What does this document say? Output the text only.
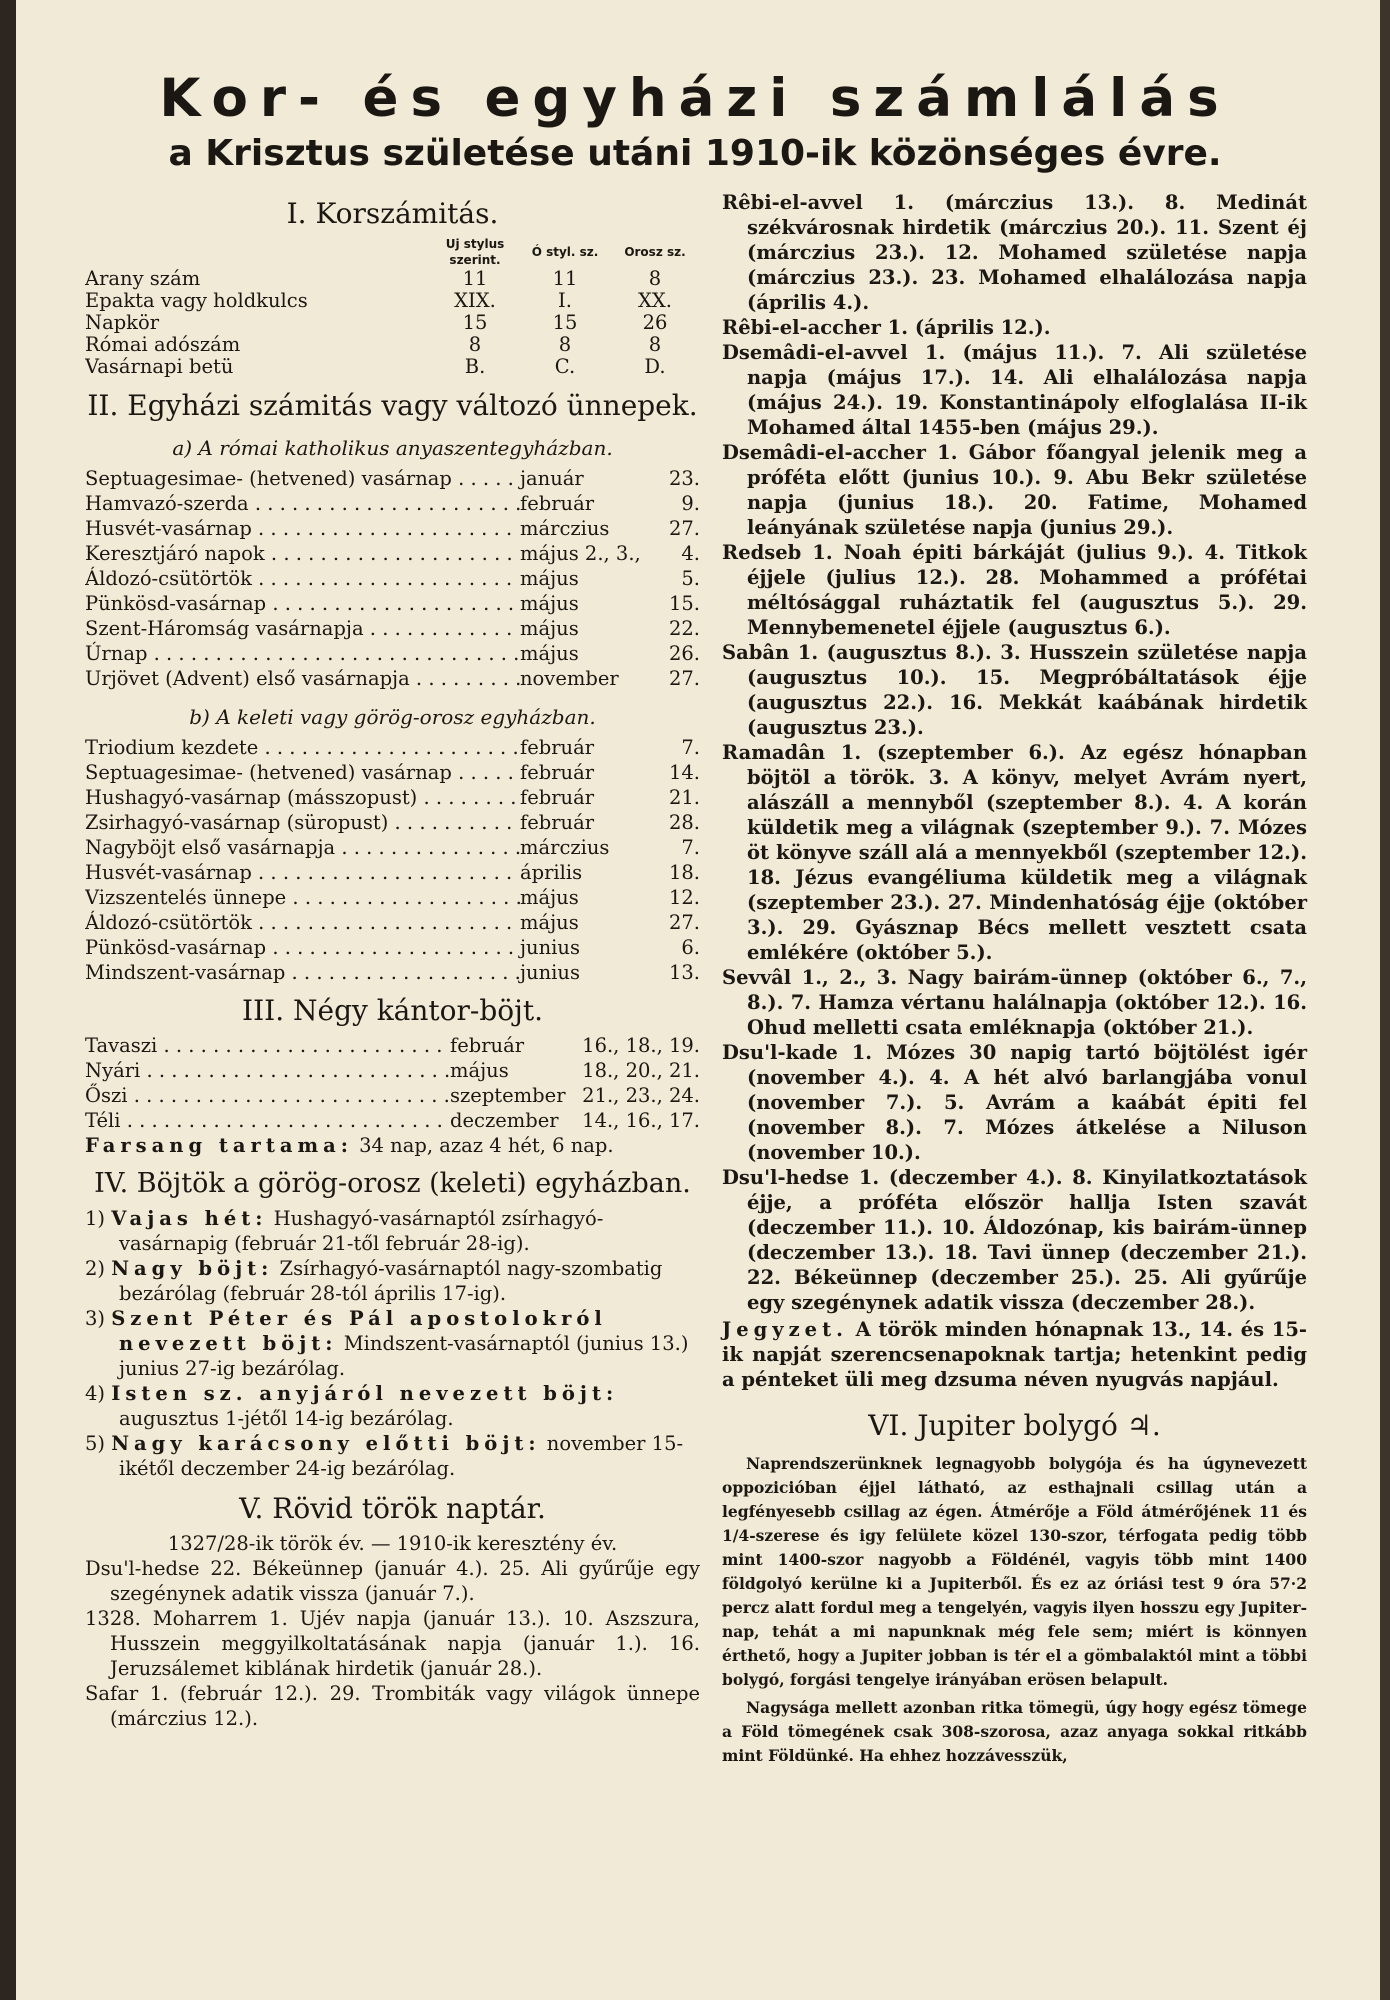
Kor- és egyházi számlálás
a Krisztus születése utáni 1910-ik közönséges évre.
I. Korszámitás.
	Uj stylus szerint.	Ó styl. sz.	Orosz sz.
Arany szám	11	11	8
Epakta vagy holdkulcs	XIX.	I.	XX.
Napkör	15	15	26
Római adószám	8	8	8
Vasárnapi betü	B.	C.	D.
II. Egyházi számitás vagy változó ünnepek.
a) A római katholikus anyaszentegyházban.
Septuagesimae- (hetvened) vasárnap . . .	január	23.
Hamvazó-szerda . . .	február	9.
Husvét-vasárnap . . .	márczius	27.
Keresztjáró napok . . .	május 2., 3.,	4.
Áldozó-csütörtök . . .	május	5.
Pünkösd-vasárnap . . .	május	15.
Szent-Háromság vasárnapja . . .	május	22.
Úrnap . . .	május	26.
Urjövet (Advent) első vasárnapja . . .	november	27.
b) A keleti vagy görög-orosz egyházban.
Triodium kezdete . . .	február	7.
Septuagesimae- (hetvened) vasárnap . . .	február	14.
Hushagyó-vasárnap (másszopust) . . .	február	21.
Zsirhagyó-vasárnap (süropust) . . .	február	28.
Nagyböjt első vasárnapja . . .	márczius	7.
Husvét-vasárnap . . .	április	18.
Vizszentelés ünnepe . . .	május	12.
Áldozó-csütörtök . . .	május	27.
Pünkösd-vasárnap . . .	junius	6.
Mindszent-vasárnap . . .	junius	13.
III. Négy kántor-böjt.
Tavaszi . . .	február	16., 18., 19.
Nyári . . .	május	18., 20., 21.
Őszi . . .	szeptember 21., 23., 24.
Téli . . .	deczember	14., 16., 17.
Farsang tartama: 34 nap, azaz 4 hét, 6 nap.
IV. Böjtök a görög-orosz (keleti) egyházban.
1) Vajas hét: Hushagyó-vasárnaptól zsírhagyó-vasárnapig (február 21-től február 28-ig).
2) Nagy böjt: Zsírhagyó-vasárnaptól nagy-szombatig bezárólag (február 28-tól április 17-ig).
3) Szent Péter és Pál apostolokról nevezett böjt: Mindszent-vasárnaptól (junius 13.) junius 27-ig bezárólag.
4) Isten sz. anyjáról nevezett böjt: augusztus 1-jétől 14-ig bezárólag.
5) Nagy karácsony előtti böjt: november 15-ikétől deczember 24-ig bezárólag.
V. Rövid török naptár.
1327/28-ik török év. — 1910-ik keresztény év.
Dsu'l-hedse 22. Békeünnep (január 4.). 25. Ali gyűrűje egy szegénynek adatik vissza (január 7.).
1328. Moharrem 1. Ujév napja (január 13.). 10. Aszszura, Husszein meggyilkoltatásának napja (január 1.). 16. Jeruzsálemet kiblának hirdetik (január 28.).
Safar 1. (február 12.). 29. Trombiták vagy világok ünnepe (márczius 12.).
Rêbi-el-avvel 1. (márczius 13.). 8. Medinát székvárosnak hirdetik (márczius 20.). 11. Szent éj (márczius 23.). 12. Mohamed születése napja (márczius 23.). 23. Mohamed elhalálozása napja (április 4.).
Rêbi-el-accher 1. (április 12.).
Dsemâdi-el-avvel 1. (május 11.). 7. Ali születése napja (május 17.). 14. Ali elhalálozása napja (május 24.). 19. Konstantinápoly elfoglalása II-ik Mohamed által 1455-ben (május 29.).
Dsemâdi-el-accher 1. Gábor főangyal jelenik meg a próféta előtt (junius 10.). 9. Abu Bekr születése napja (junius 18.). 20. Fatime, Mohamed leányának születése napja (junius 29.).
Redseb 1. Noah épiti bárkáját (julius 9.). 4. Titkok éjjele (julius 12.). 28. Mohammed a prófétai méltósággal ruháztatik fel (augusztus 5.). 29. Mennybemenetel éjjele (augusztus 6.).
Sabân 1. (augusztus 8.). 3. Husszein születése napja (augusztus 10.). 15. Megpróbáltatások éjje (augusztus 22.). 16. Mekkát kaábának hirdetik (augusztus 23.).
Ramadân 1. (szeptember 6.). Az egész hónapban böjtöl a török. 3. A könyv, melyet Avrám nyert, alászáll a mennyből (szeptember 8.). 4. A korán küldetik meg a világnak (szeptember 9.). 7. Mózes öt könyve száll alá a mennyekből (szeptember 12.). 18. Jézus evangéliuma küldetik meg a világnak (szeptember 23.). 27. Mindenhatóság éjje (október 3.). 29. Gyásznap Bécs mellett vesztett csata emlékére (október 5.).
Sevvâl 1., 2., 3. Nagy bairám-ünnep (október 6., 7., 8.). 7. Hamza vértanu halálnapja (október 12.). 16. Ohud melletti csata emléknapja (október 21.).
Dsu'l-kade 1. Mózes 30 napig tartó böjtölést igér (november 4.). 4. A hét alvó barlangjába vonul (november 7.). 5. Avrám a kaábát épiti fel (november 8.). 7. Mózes átkelése a Niluson (november 10.).
Dsu'l-hedse 1. (deczember 4.). 8. Kinyilatkoztatások éjje, a próféta először hallja Isten szavát (deczember 11.). 10. Áldozónap, kis bairám-ünnep (deczember 13.). 18. Tavi ünnep (deczember 21.). 22. Békeünnep (deczember 25.). 25. Ali gyűrűje egy szegénynek adatik vissza (deczember 28.).
Jegyzet. A török minden hónapnak 13., 14. és 15-ik napját szerencsenapoknak tartja; hetenkint pedig a pénteket üli meg dzsuma néven nyugvás napjául.
VI. Jupiter bolygó ♃.
Naprendszerünknek legnagyobb bolygója és ha úgynevezett oppozicióban éjjel látható, az esthajnali csillag után a legfényesebb csillag az égen. Átmérője a Föld átmérőjének 11 és 1/4-szerese és igy felülete közel 130-szor, térfogata pedig több mint 1400-szor nagyobb a Földénél, vagyis több mint 1400 földgolyó kerülne ki a Jupiterből. És ez az óriási test 9 óra 57·2 percz alatt fordul meg a tengelyén, vagyis ilyen hosszu egy Jupiter-nap, tehát a mi napunknak még fele sem; miért is könnyen érthető, hogy a Jupiter jobban is tér el a gömbalaktól mint a többi bolygó, forgási tengelye irányában erösen belapult.
Nagysága mellett azonban ritka tömegü, úgy hogy egész tömege a Föld tömegének csak 308-szorosa, azaz anyaga sokkal ritkább mint Földünké. Ha ehhez hozzávesszük,
